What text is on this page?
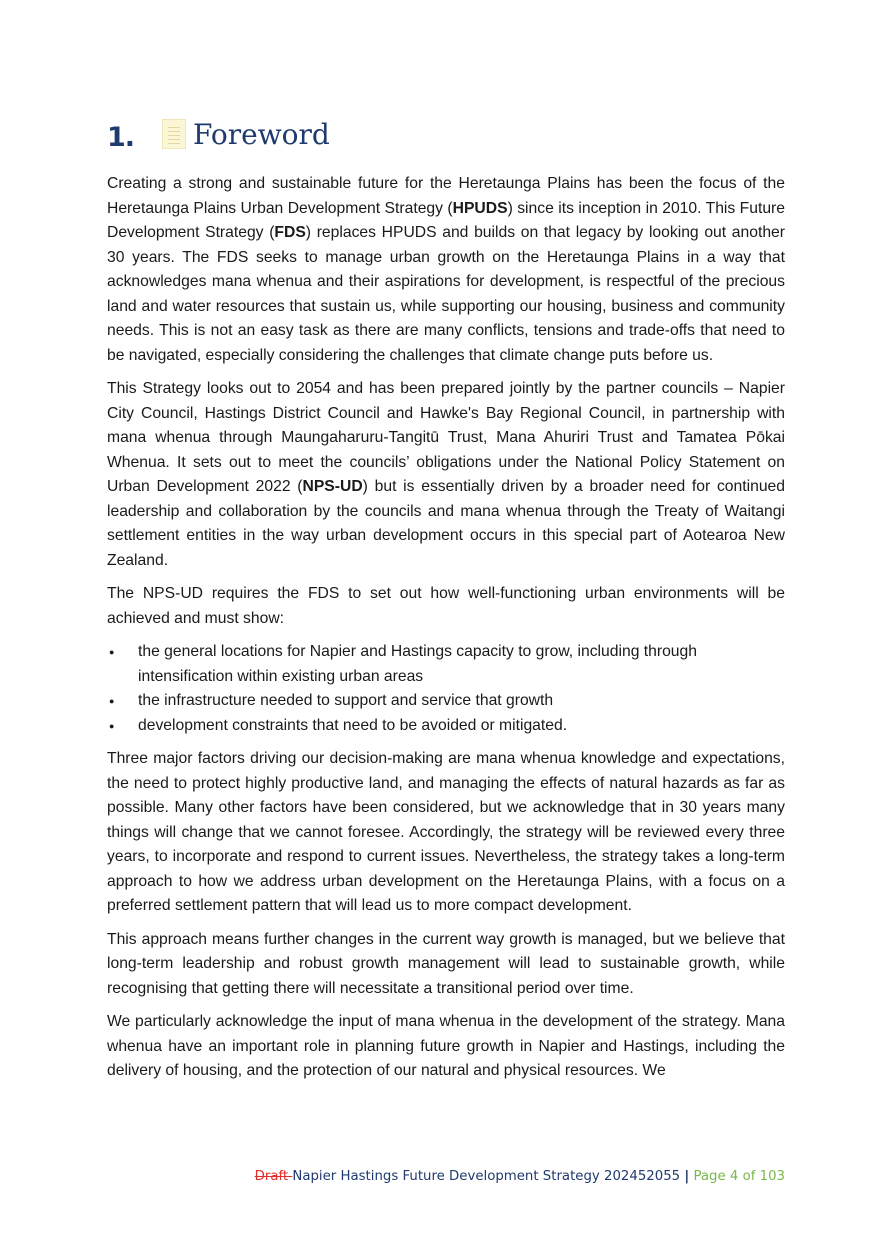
1. Foreword

Creating a strong and sustainable future for the Heretaunga Plains has been the focus of the Heretaunga Plains Urban Development Strategy (HPUDS) since its inception in 2010. This Future Development Strategy (FDS) replaces HPUDS and builds on that legacy by looking out another 30 years. The FDS seeks to manage urban growth on the Heretaunga Plains in a way that acknowledges mana whenua and their aspirations for development, is respectful of the precious land and water resources that sustain us, while supporting our housing, business and community needs. This is not an easy task as there are many conflicts, tensions and trade-offs that need to be navigated, especially considering the challenges that climate change puts before us.

This Strategy looks out to 2054 and has been prepared jointly by the partner councils – Napier City Council, Hastings District Council and Hawke's Bay Regional Council, in partnership with mana whenua through Maungaharuru-Tangitū Trust, Mana Ahuriri Trust and Tamatea Pōkai Whenua. It sets out to meet the councils’ obligations under the National Policy Statement on Urban Development 2022 (NPS-UD) but is essentially driven by a broader need for continued leadership and collaboration by the councils and mana whenua through the Treaty of Waitangi settlement entities in the way urban development occurs in this special part of Aotearoa New Zealand.

The NPS-UD requires the FDS to set out how well-functioning urban environments will be achieved and must show:

● the general locations for Napier and Hastings capacity to grow, including through intensification within existing urban areas
● the infrastructure needed to support and service that growth
● development constraints that need to be avoided or mitigated.

Three major factors driving our decision-making are mana whenua knowledge and expectations, the need to protect highly productive land, and managing the effects of natural hazards as far as possible. Many other factors have been considered, but we acknowledge that in 30 years many things will change that we cannot foresee. Accordingly, the strategy will be reviewed every three years, to incorporate and respond to current issues. Nevertheless, the strategy takes a long-term approach to how we address urban development on the Heretaunga Plains, with a focus on a preferred settlement pattern that will lead us to more compact development.

This approach means further changes in the current way growth is managed, but we believe that long-term leadership and robust growth management will lead to sustainable growth, while recognising that getting there will necessitate a transitional period over time.

We particularly acknowledge the input of mana whenua in the development of the strategy. Mana whenua have an important role in planning future growth in Napier and Hastings, including the delivery of housing, and the protection of our natural and physical resources. We

Draft Napier Hastings Future Development Strategy 202452055 | Page 4 of 103
